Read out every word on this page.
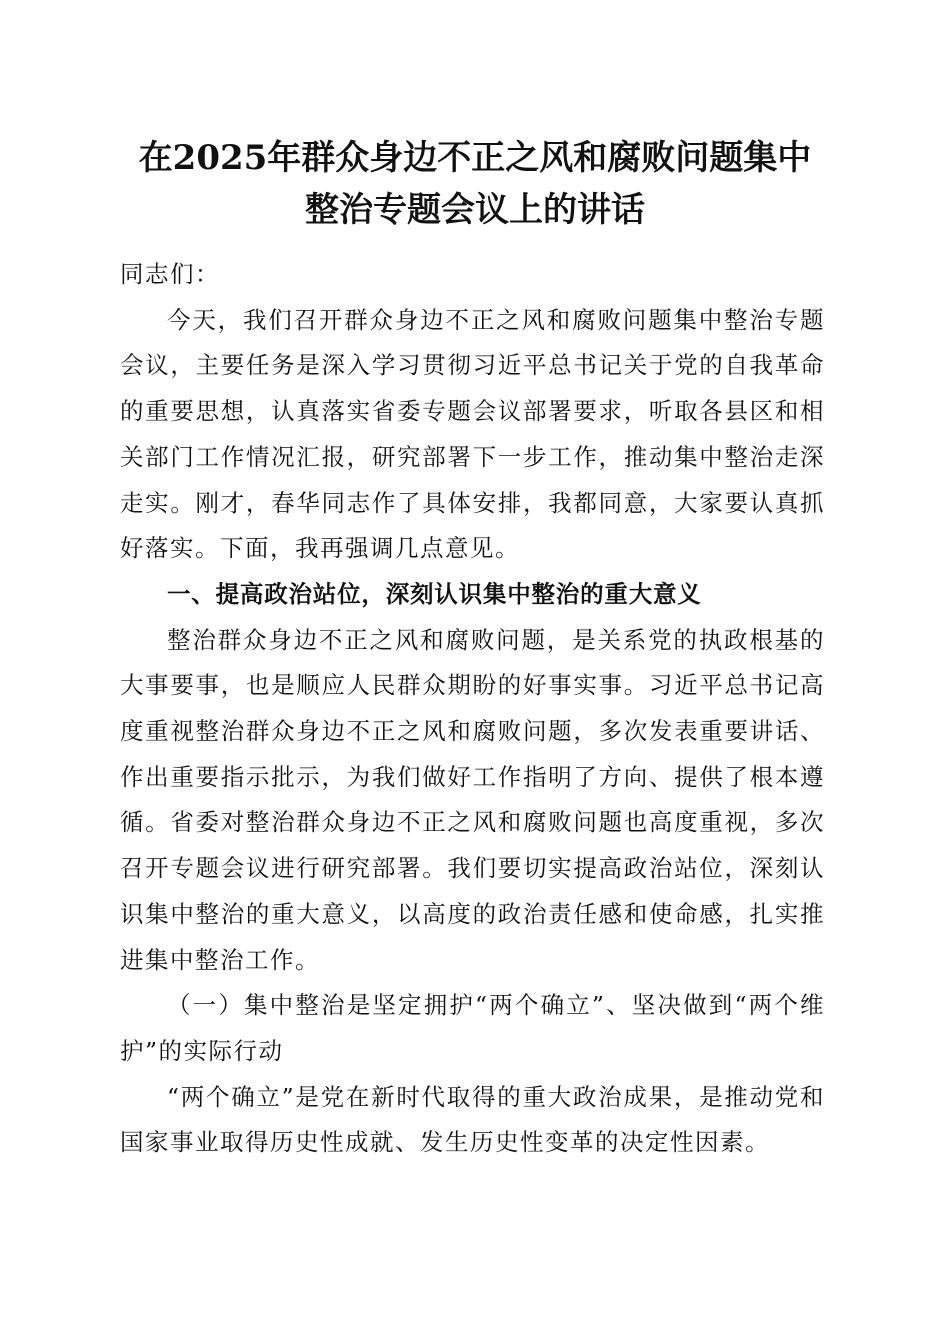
在2025年群众身边不正之风和腐败问题集中
整治专题会议上的讲话

同志们：

今天，我们召开群众身边不正之风和腐败问题集中整治专题会议，主要任务是深入学习贯彻习近平总书记关于党的自我革命的重要思想，认真落实省委专题会议部署要求，听取各县区和相关部门工作情况汇报，研究部署下一步工作，推动集中整治走深走实。刚才，春华同志作了具体安排，我都同意，大家要认真抓好落实。下面，我再强调几点意见。

一、提高政治站位，深刻认识集中整治的重大意义

整治群众身边不正之风和腐败问题，是关系党的执政根基的大事要事，也是顺应人民群众期盼的好事实事。习近平总书记高度重视整治群众身边不正之风和腐败问题，多次发表重要讲话、作出重要指示批示，为我们做好工作指明了方向、提供了根本遵循。省委对整治群众身边不正之风和腐败问题也高度重视，多次召开专题会议进行研究部署。我们要切实提高政治站位，深刻认识集中整治的重大意义，以高度的政治责任感和使命感，扎实推进集中整治工作。

（一）集中整治是坚定拥护“两个确立”、坚决做到“两个维护”的实际行动

“两个确立”是党在新时代取得的重大政治成果，是推动党和国家事业取得历史性成就、发生历史性变革的决定性因素。
